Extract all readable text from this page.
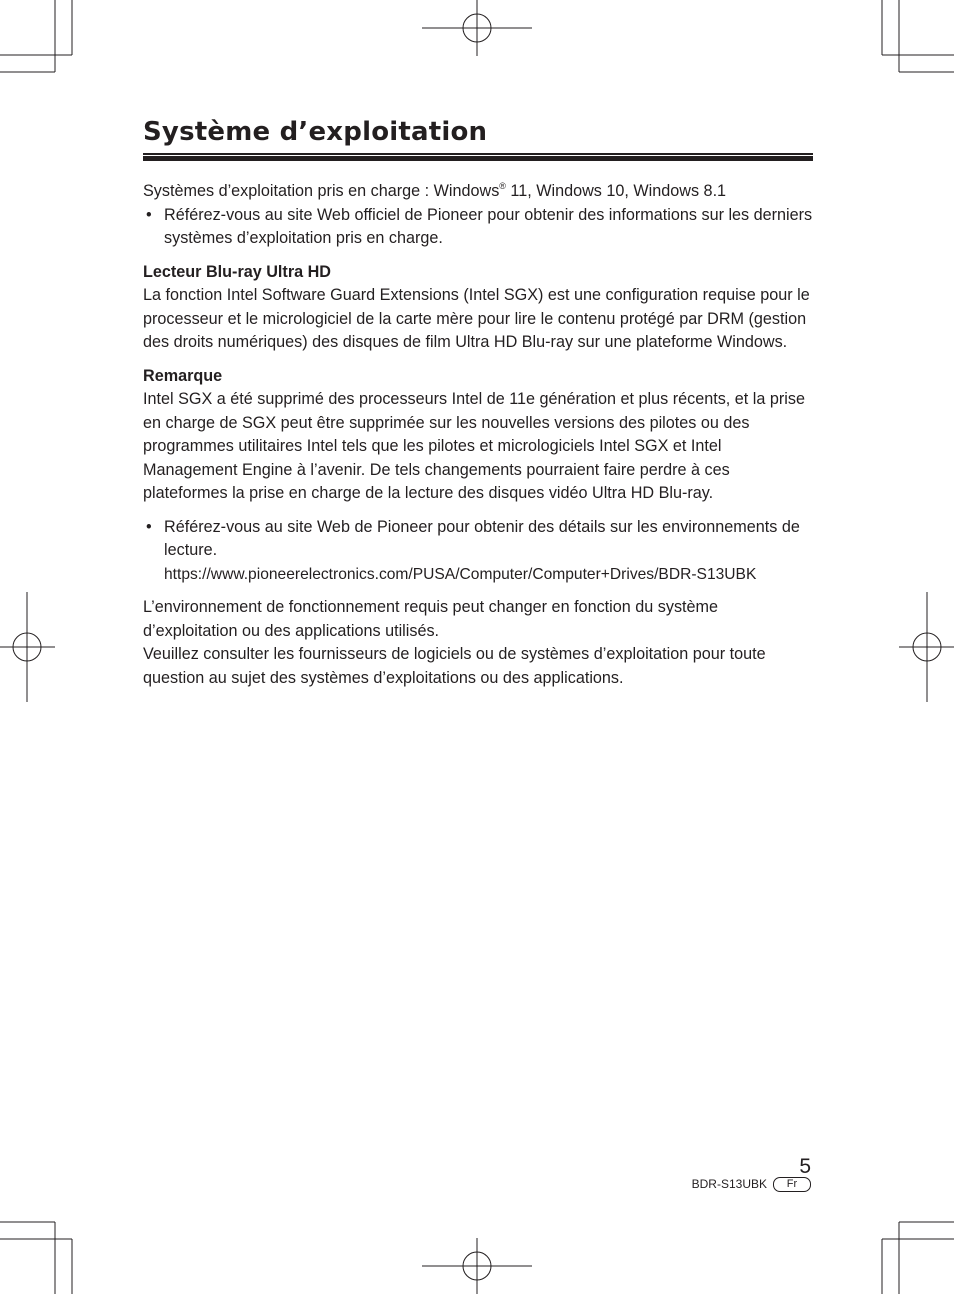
Système d’exploitation

Systèmes d’exploitation pris en charge : Windows® 11, Windows 10, Windows 8.1

• Référez-vous au site Web officiel de Pioneer pour obtenir des informations sur les derniers systèmes d’exploitation pris en charge.

Lecteur Blu-ray Ultra HD

La fonction Intel Software Guard Extensions (Intel SGX) est une configuration requise pour le processeur et le micrologiciel de la carte mère pour lire le contenu protégé par DRM (gestion des droits numériques) des disques de film Ultra HD Blu-ray sur une plateforme Windows.

Remarque

Intel SGX a été supprimé des processeurs Intel de 11e génération et plus récents, et la prise en charge de SGX peut être supprimée sur les nouvelles versions des pilotes ou des programmes utilitaires Intel tels que les pilotes et micrologiciels Intel SGX et Intel Management Engine à l’avenir. De tels changements pourraient faire perdre à ces plateformes la prise en charge de la lecture des disques vidéo Ultra HD Blu-ray.

• Référez-vous au site Web de Pioneer pour obtenir des détails sur les environnements de lecture.
https://www.pioneerelectronics.com/PUSA/Computer/Computer+Drives/BDR-S13UBK

L’environnement de fonctionnement requis peut changer en fonction du système d’exploitation ou des applications utilisés.

Veuillez consulter les fournisseurs de logiciels ou de systèmes d’exploitation pour toute question au sujet des systèmes d’exploitations ou des applications.

5
BDR-S13UBK	Fr
